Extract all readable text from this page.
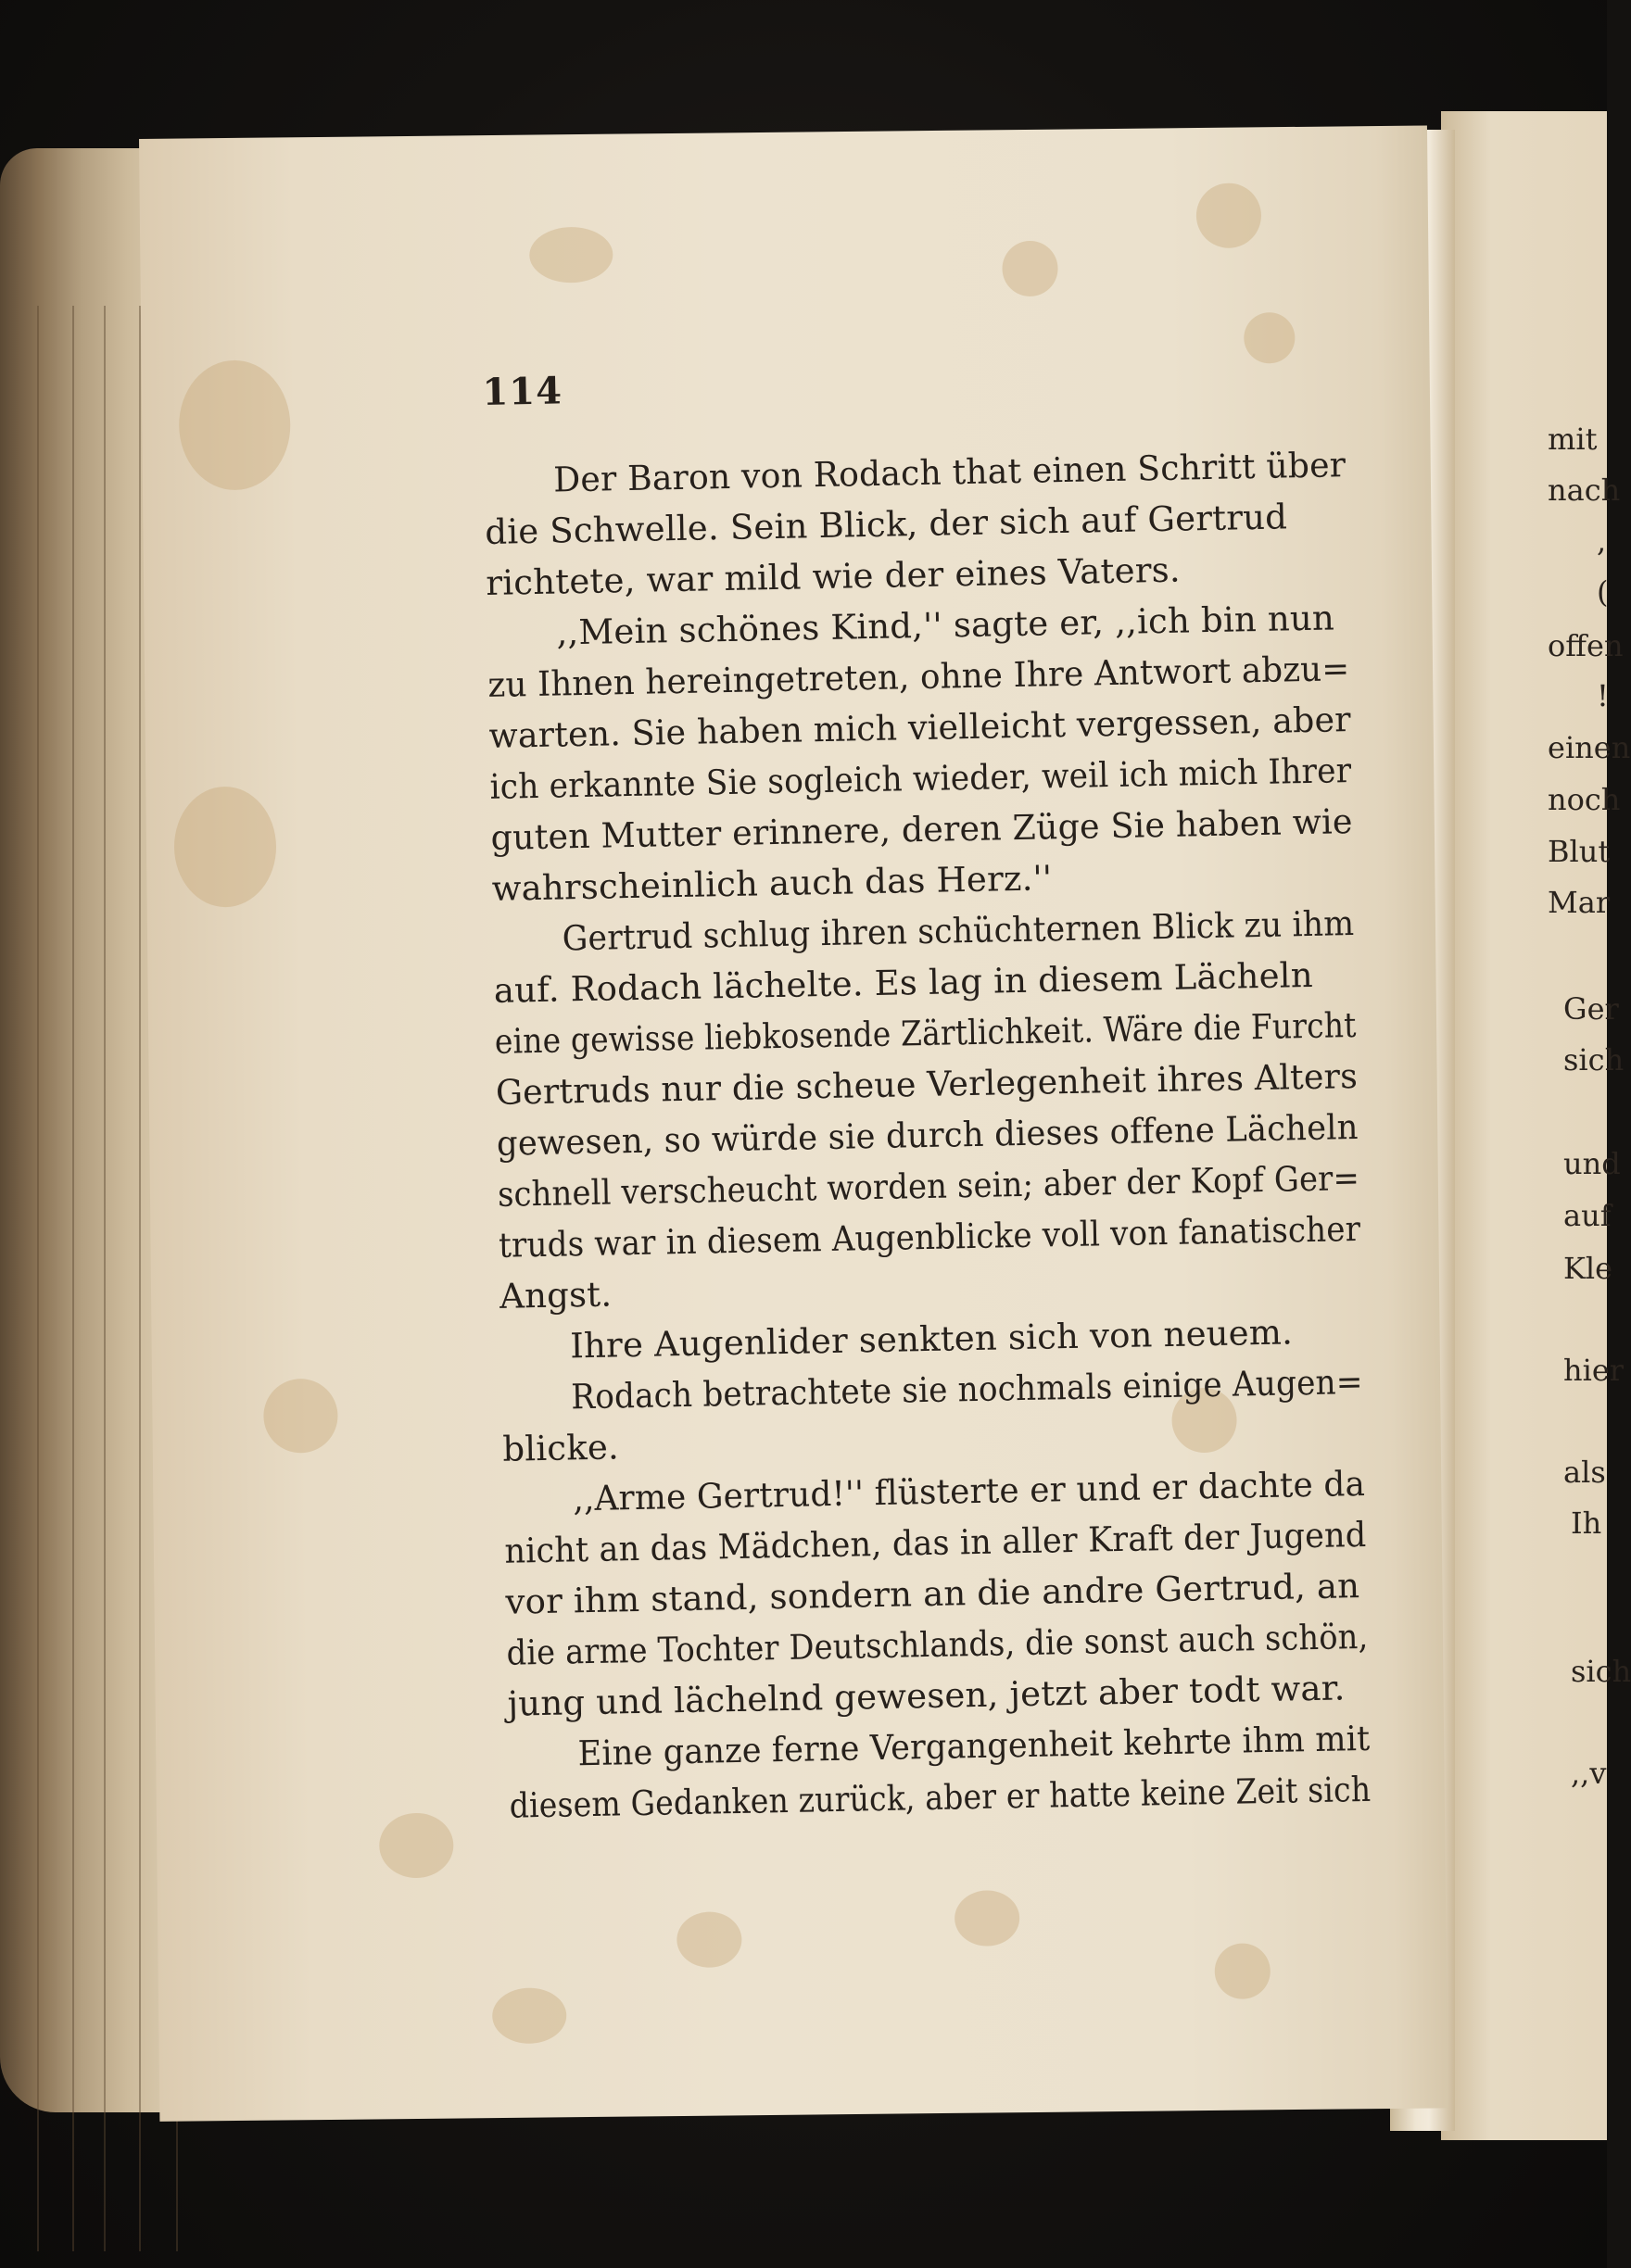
mit
nach
,
(
offen
!
einen
noch
Blut
Mar
Ger
sich
und
auf
Kle
hier
als
Ih
sich
,,v
114
Der Baron von Rodach that einen Schritt über
die Schwelle. Sein Blick, der sich auf Gertrud
richtete, war mild wie der eines Vaters.
,,Mein schönes Kind,'' sagte er, ,,ich bin nun
zu Ihnen hereingetreten, ohne Ihre Antwort abzu=
warten. Sie haben mich vielleicht vergessen, aber
ich erkannte Sie sogleich wieder, weil ich mich Ihrer
guten Mutter erinnere, deren Züge Sie haben wie
wahrscheinlich auch das Herz.''
Gertrud schlug ihren schüchternen Blick zu ihm
auf. Rodach lächelte. Es lag in diesem Lächeln
eine gewisse liebkosende Zärtlichkeit. Wäre die Furcht
Gertruds nur die scheue Verlegenheit ihres Alters
gewesen, so würde sie durch dieses offene Lächeln
schnell verscheucht worden sein; aber der Kopf Ger=
truds war in diesem Augenblicke voll von fanatischer
Angst.
Ihre Augenlider senkten sich von neuem.
Rodach betrachtete sie nochmals einige Augen=
blicke.
,,Arme Gertrud!'' flüsterte er und er dachte da
nicht an das Mädchen, das in aller Kraft der Jugend
vor ihm stand, sondern an die andre Gertrud, an
die arme Tochter Deutschlands, die sonst auch schön,
jung und lächelnd gewesen, jetzt aber todt war.
Eine ganze ferne Vergangenheit kehrte ihm mit
diesem Gedanken zurück, aber er hatte keine Zeit sich
